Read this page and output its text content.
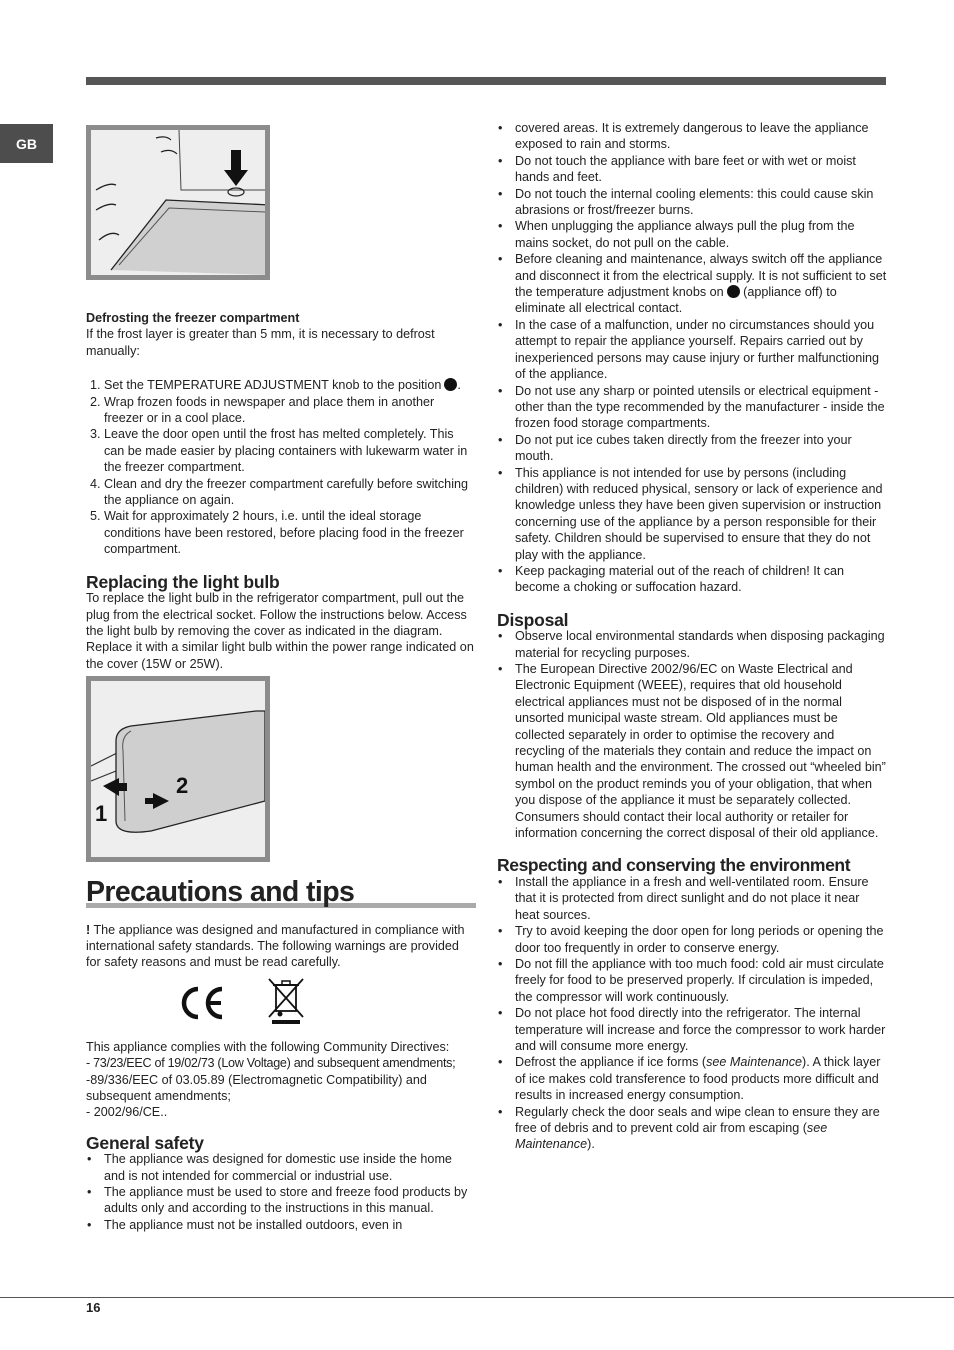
GB
Defrosting the freezer compartment

If the frost layer is greater than 5 mm, it is necessary to defrost manually:

1. Set the TEMPERATURE ADJUSTMENT knob to the position .
2. Wrap frozen foods in newspaper and place them in another freezer or in a cool place.
3. Leave the door open until the frost has melted completely. This can be made easier by placing containers with lukewarm water in the freezer compartment.
4. Clean and dry the freezer compartment carefully before switching the appliance on again.
5. Wait for approximately 2 hours, i.e. until the ideal storage conditions have been restored, before placing food in the freezer compartment.
Replacing the light bulb

To replace the light bulb in the refrigerator compartment, pull out the plug from the electrical socket. Follow the instructions below. Access the light bulb by removing the cover as indicated in the diagram. Replace it with a similar light bulb within the power range indicated on the cover (15W or 25W).

2
1
Precautions and tips

! The appliance was designed and manufactured in compliance with international safety standards. The following warnings are provided for safety reasons and must be read carefully.

This appliance complies with the following Community Directives:

- 73/23/EEC of 19/02/73 (Low Voltage) and subsequent amendments;

-89/336/EEC of 03.05.89 (Electromagnetic Compatibility) and subsequent amendments;

- 2002/96/CE..

General safety
• The appliance was designed for domestic use inside the home and is not intended for commercial or industrial use.
• The appliance must be used to store and freeze food products by adults only and according to the instructions in this manual.
• The appliance must not be installed outdoors, even in
• covered areas. It is extremely dangerous to leave the appliance exposed to rain and storms.
• Do not touch the appliance with bare feet or with wet or moist hands and feet.
• Do not touch the internal cooling elements: this could cause skin abrasions or frost/freezer burns.
• When unplugging the appliance always pull the plug from the mains socket, do not pull on the cable.
• Before cleaning and maintenance, always switch off the appliance and disconnect it from the electrical supply. It is not sufficient to set the temperature adjustment knobs on (appliance off) to eliminate all electrical contact.
• In the case of a malfunction, under no circumstances should you attempt to repair the appliance yourself. Repairs carried out by inexperienced persons may cause injury or further malfunctioning of the appliance.
• Do not use any sharp or pointed utensils or electrical equipment - other than the type recommended by the manufacturer - inside the frozen food storage compartments.
• Do not put ice cubes taken directly from the freezer into your mouth.
• This appliance is not intended for use by persons (including children) with reduced physical, sensory or lack of experience and knowledge unless they have been given supervision or instruction concerning use of the appliance by a person responsible for their safety. Children should be supervised to ensure that they do not play with the appliance.
• Keep packaging material out of the reach of children! It can become a choking or suffocation hazard.
Disposal
• Observe local environmental standards when disposing packaging material for recycling purposes.
• The European Directive 2002/96/EC on Waste Electrical and Electronic Equipment (WEEE), requires that old household electrical appliances must not be disposed of in the normal unsorted municipal waste stream. Old appliances must be collected separately in order to optimise the recovery and recycling of the materials they contain and reduce the impact on human health and the environment. The crossed out “wheeled bin” symbol on the product reminds you of your obligation, that when you dispose of the appliance it must be separately collected. Consumers should contact their local authority or retailer for information concerning the correct disposal of their old appliance.
Respecting and conserving the environment
• Install the appliance in a fresh and well-ventilated room. Ensure that it is protected from direct sunlight and do not place it near heat sources.
• Try to avoid keeping the door open for long periods or opening the door too frequently in order to conserve energy.
• Do not fill the appliance with too much food: cold air must circulate freely for food to be preserved properly. If circulation is impeded, the compressor will work continuously.
• Do not place hot food directly into the refrigerator. The internal temperature will increase and force the compressor to work harder and will consume more energy.
• Defrost the appliance if ice forms (see Maintenance). A thick layer of ice makes cold transference to food products more difficult and results in increased energy consumption.
• Regularly check the door seals and wipe clean to ensure they are free of debris and to prevent cold air from escaping (see Maintenance).
16
